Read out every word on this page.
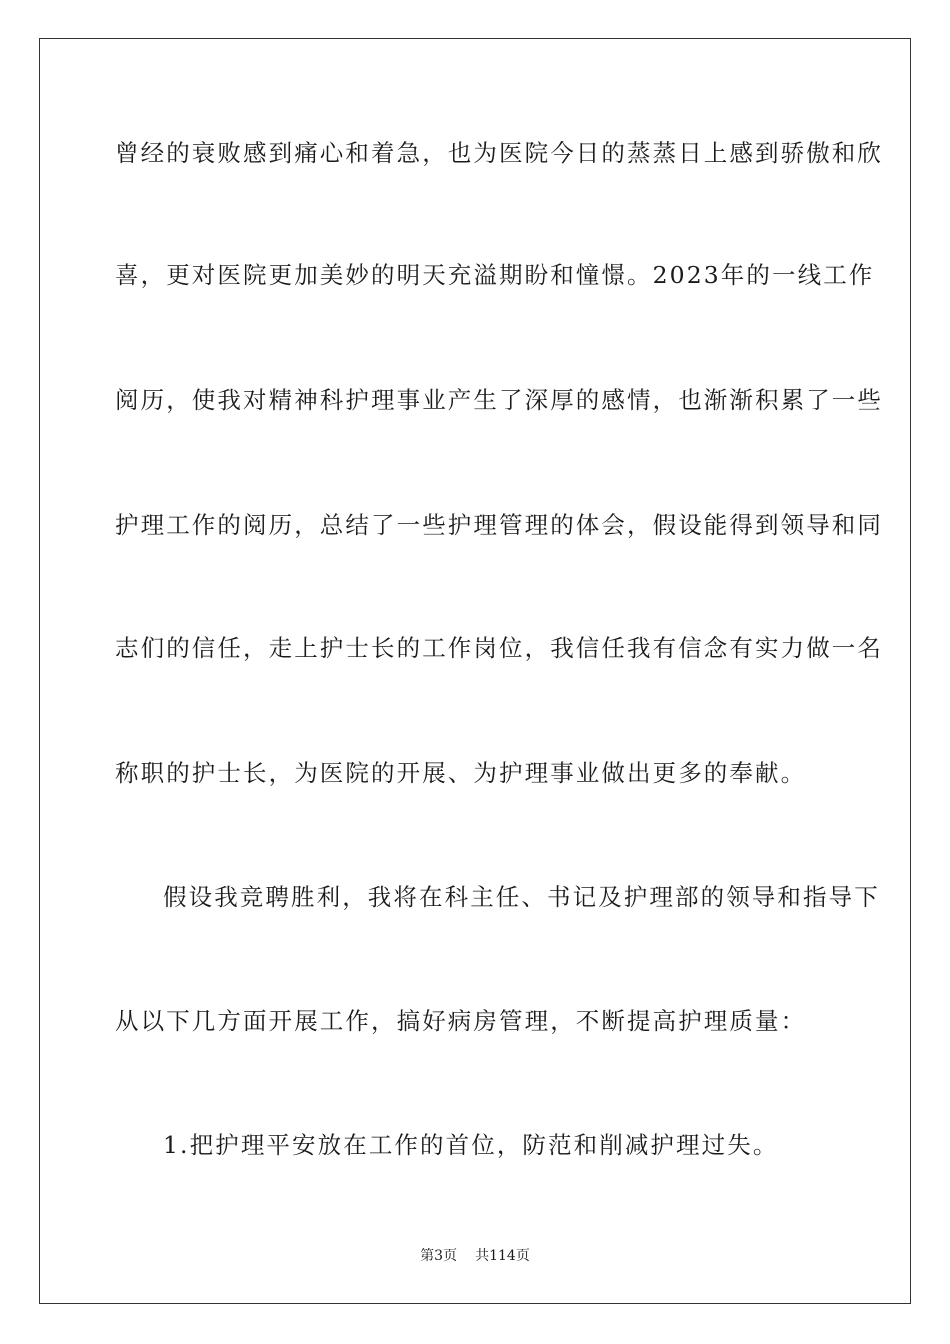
曾经的衰败感到痛心和着急，也为医院今日的蒸蒸日上感到骄傲和欣
喜，更对医院更加美妙的明天充溢期盼和憧憬。2023年的一线工作
阅历，使我对精神科护理事业产生了深厚的感情，也渐渐积累了一些
护理工作的阅历，总结了一些护理管理的体会，假设能得到领导和同
志们的信任，走上护士长的工作岗位，我信任我有信念有实力做一名
称职的护士长，为医院的开展、为护理事业做出更多的奉献。
假设我竞聘胜利，我将在科主任、书记及护理部的领导和指导下
从以下几方面开展工作，搞好病房管理，不断提高护理质量：
1.把护理平安放在工作的首位，防范和削减护理过失。
第3页 共114页
